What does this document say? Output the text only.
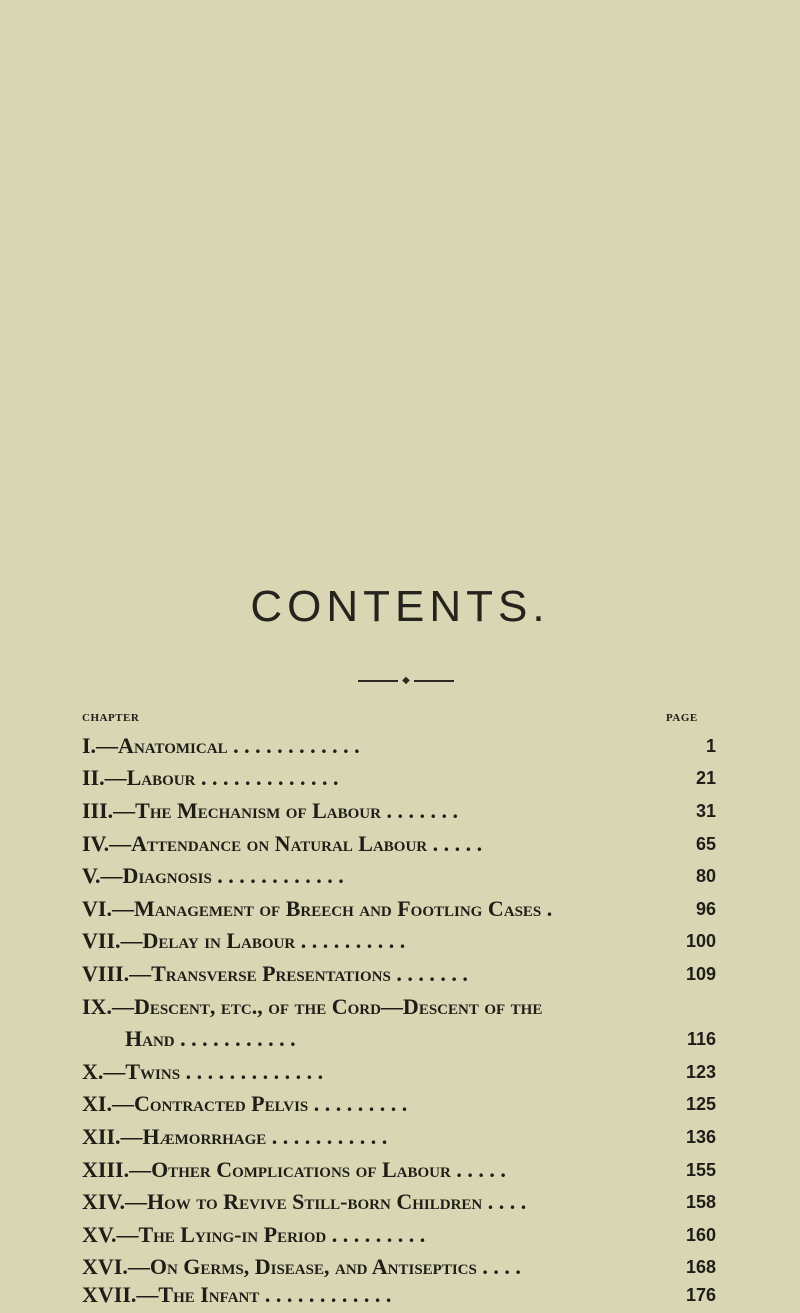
CONTENTS.
◆
CHAPTER	PAGE
I.—Anatomical . . . . . . . . . . . .	1
II.—Labour . . . . . . . . . . . . .	21
III.—The Mechanism of Labour . . . . . . .	31
IV.—Attendance on Natural Labour . . . . .	65
V.—Diagnosis . . . . . . . . . . . .	80
VI.—Management of Breech and Footling Cases .	96
VII.—Delay in Labour . . . . . . . . . .	100
VIII.—Transverse Presentations . . . . . . .	109
IX.—Descent, etc., of the Cord—Descent of the
Hand . . . . . . . . . . .	116
X.—Twins . . . . . . . . . . . . .	123
XI.—Contracted Pelvis . . . . . . . . .	125
XII.—Hæmorrhage . . . . . . . . . . .	136
XIII.—Other Complications of Labour . . . . .	155
XIV.—How to Revive Still-born Children . . . .	158
XV.—The Lying-in Period . . . . . . . . .	160
XVI.—On Germs, Disease, and Antiseptics . . . .	168
XVII.—The Infant . . . . . . . . . . . .	176
